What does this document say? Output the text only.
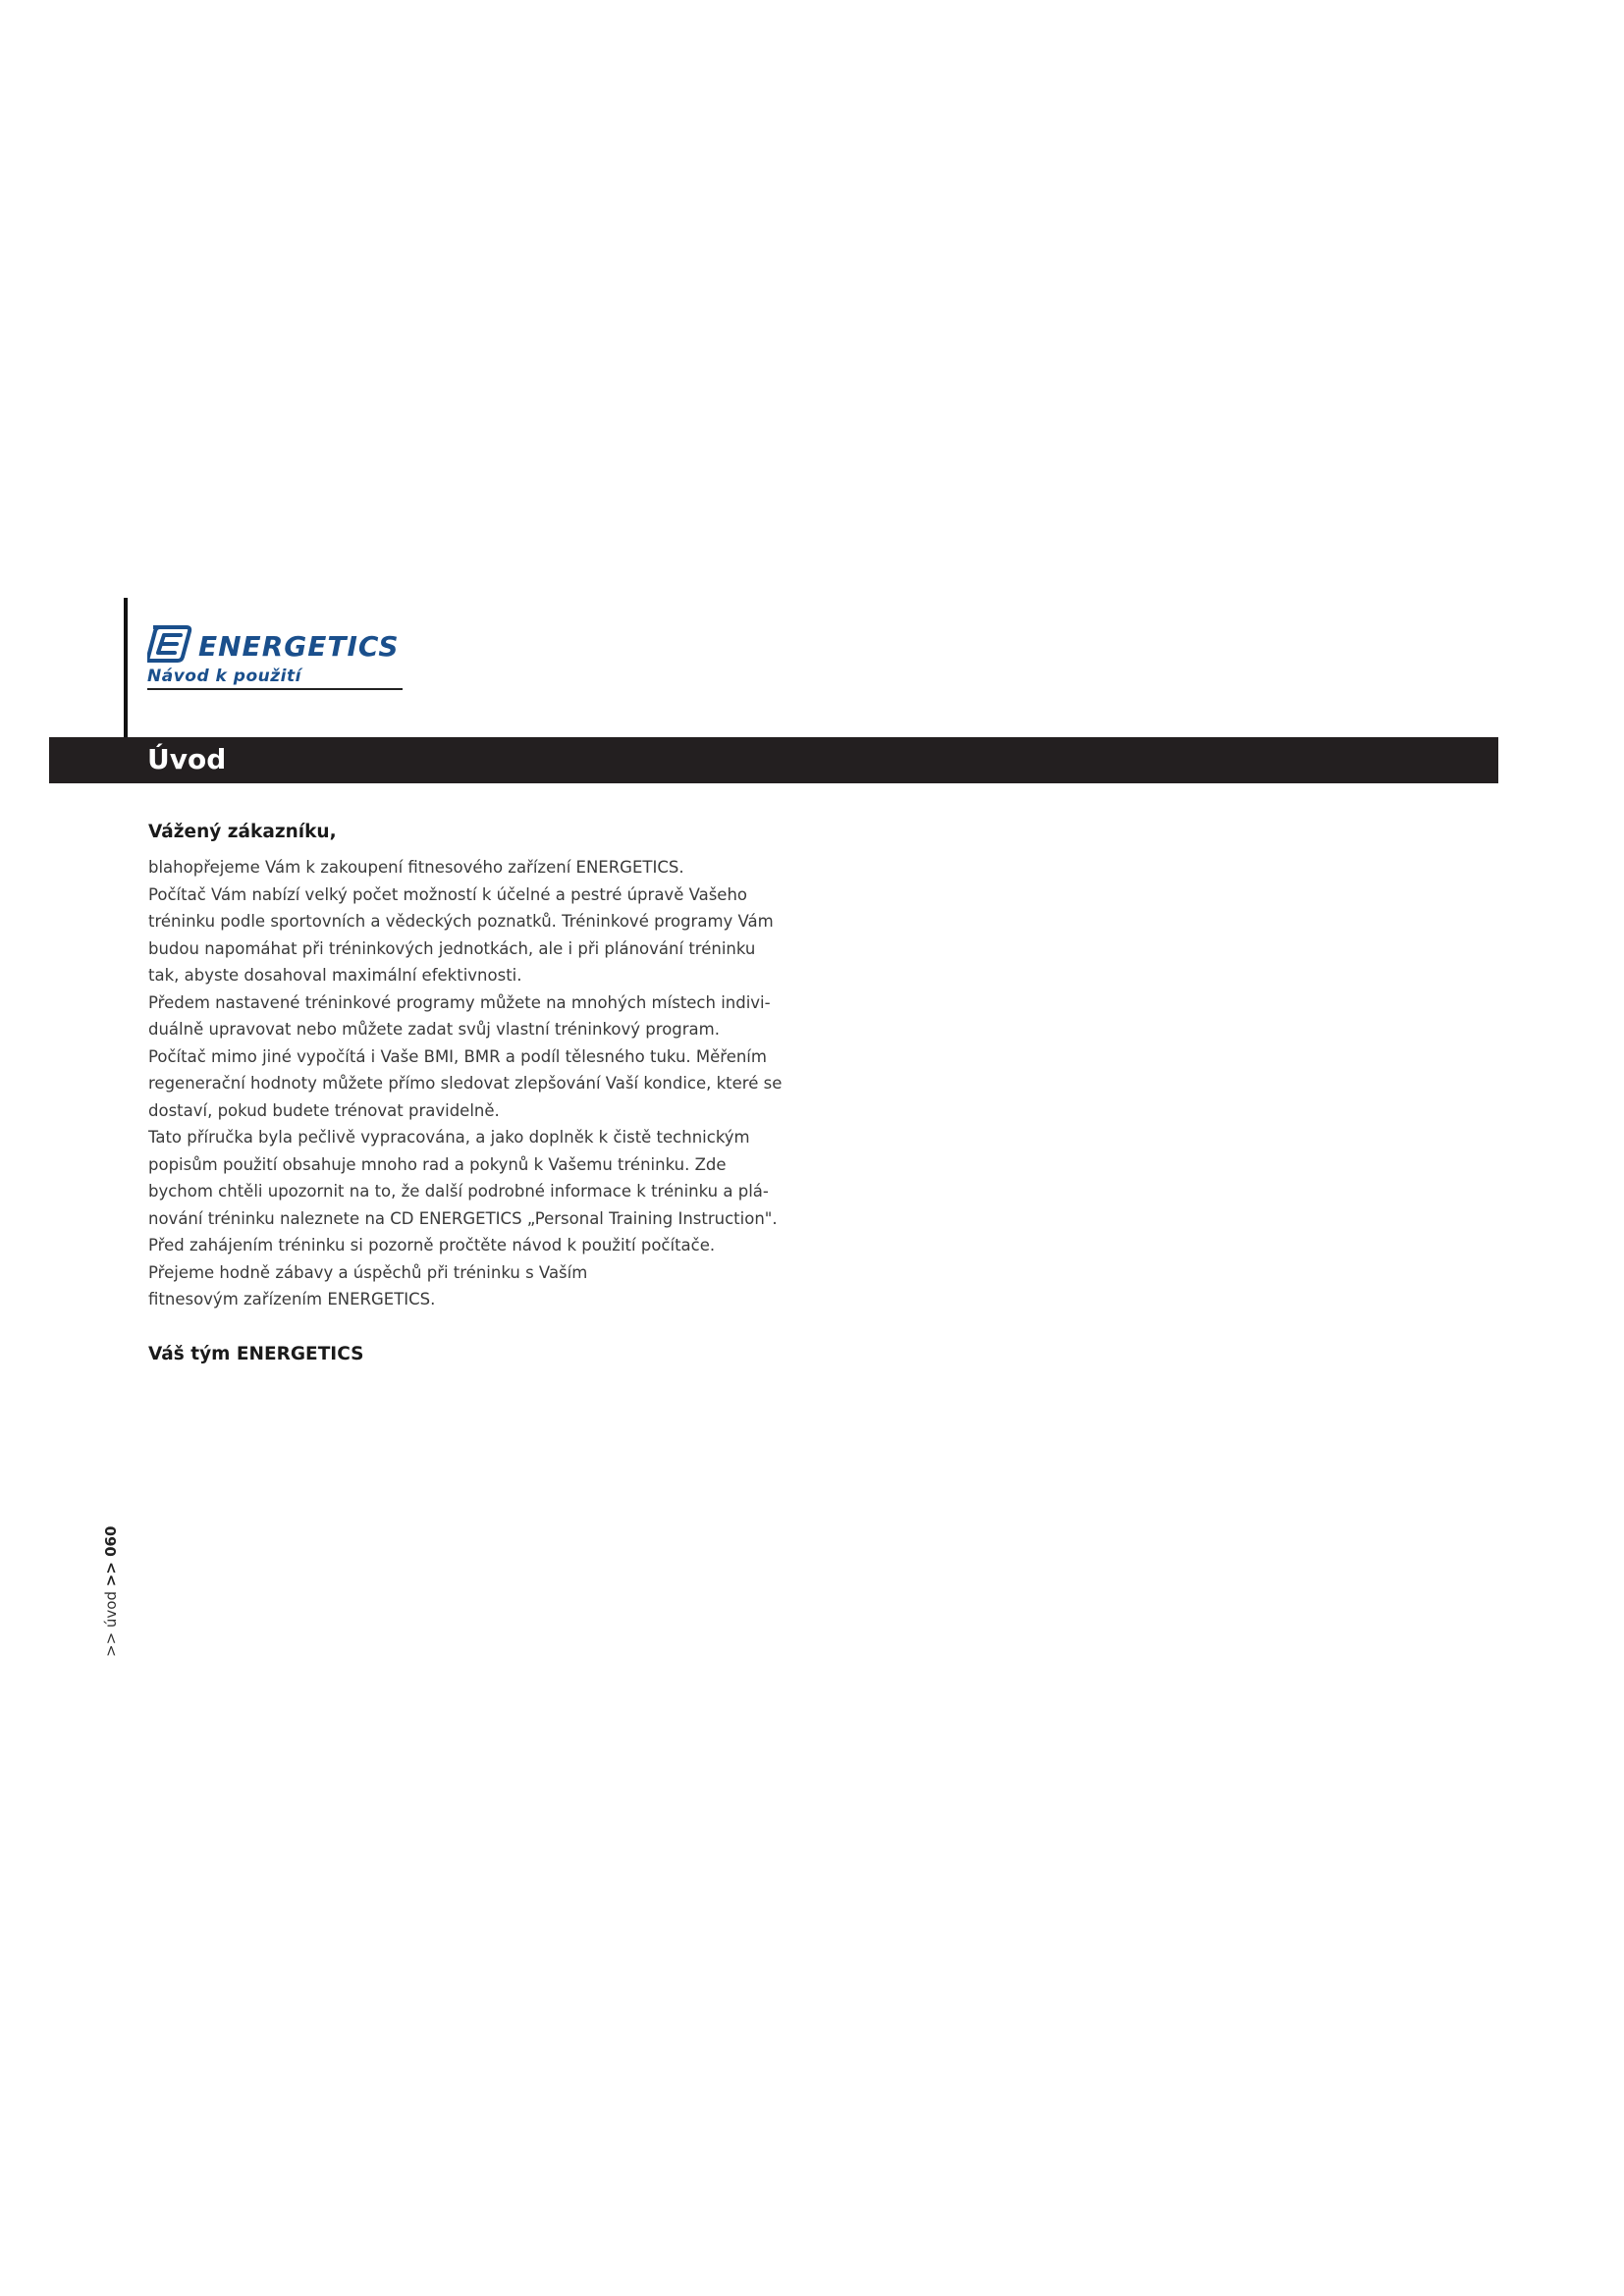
ENERGETICS
Návod k použití
Úvod

Vážený zákazníku,

blahopřejeme Vám k zakoupení fitnesového zařízení ENERGETICS.
Počítač Vám nabízí velký počet možností k účelné a pestré úpravě Vašeho
tréninku podle sportovních a vědeckých poznatků. Tréninkové programy Vám
budou napomáhat při tréninkových jednotkách, ale i při plánování tréninku
tak, abyste dosahoval maximální efektivnosti.
Předem nastavené tréninkové programy můžete na mnohých místech indivi-
duálně upravovat nebo můžete zadat svůj vlastní tréninkový program.
Počítač mimo jiné vypočítá i Vaše BMI, BMR a podíl tělesného tuku. Měřením
regenerační hodnoty můžete přímo sledovat zlepšování Vaší kondice, které se
dostaví, pokud budete trénovat pravidelně.
Tato příručka byla pečlivě vypracována, a jako doplněk k čistě technickým
popisům použití obsahuje mnoho rad a pokynů k Vašemu tréninku. Zde
bychom chtěli upozornit na to, že další podrobné informace k tréninku a plá-
nování tréninku naleznete na CD ENERGETICS „Personal Training Instruction".
Před zahájením tréninku si pozorně pročtěte návod k použití počítače.
Přejeme hodně zábavy a úspěchů při tréninku s Vaším
fitnesovým zařízením ENERGETICS.

Váš tým ENERGETICS

>> úvod >> 060
